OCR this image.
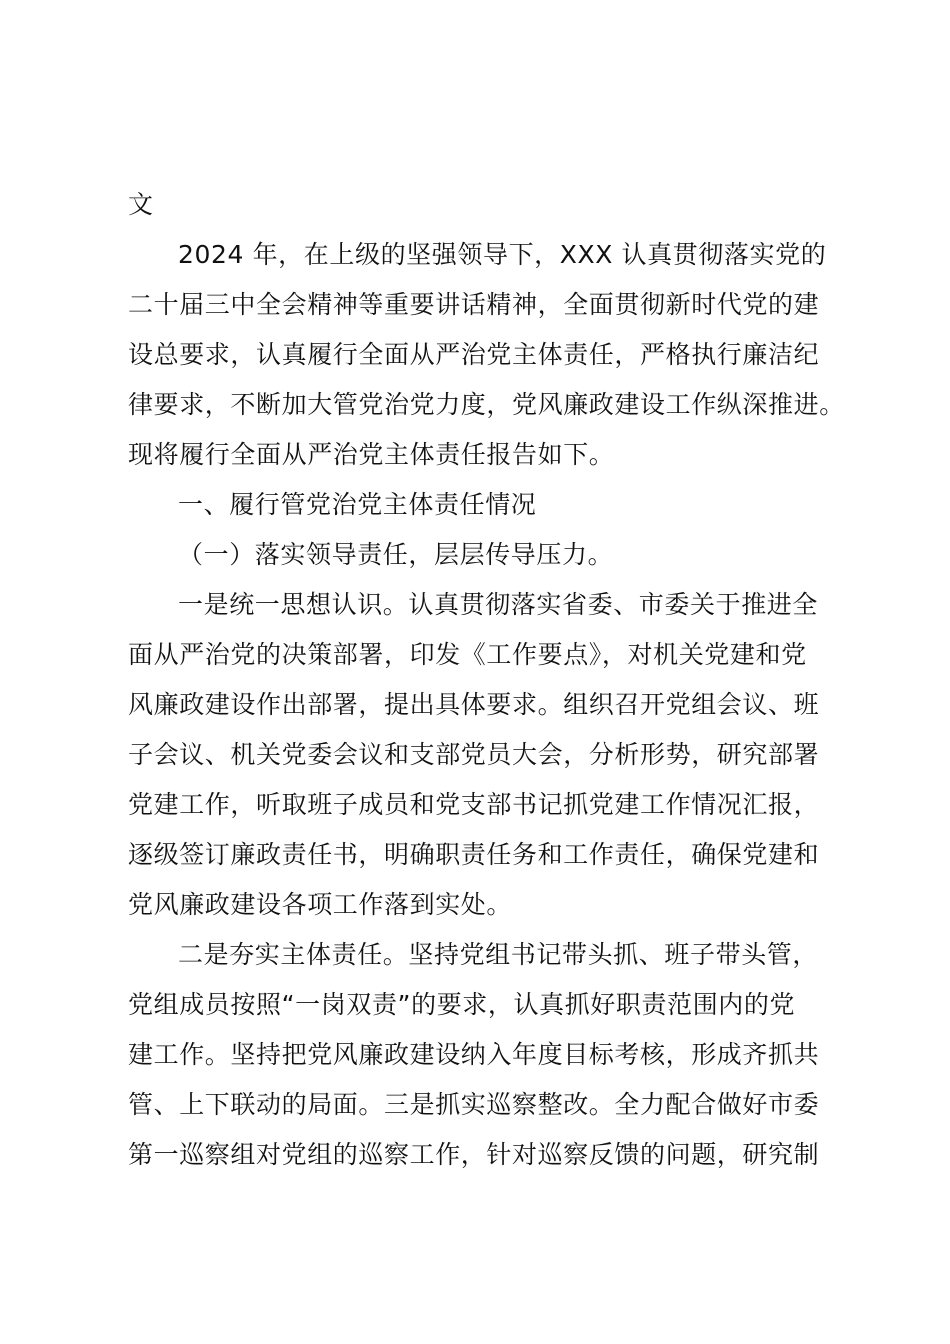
文
2024 年，在上级的坚强领导下，XXX 认真贯彻落实党的
二十届三中全会精神等重要讲话精神，全面贯彻新时代党的建
设总要求，认真履行全面从严治党主体责任，严格执行廉洁纪
律要求，不断加大管党治党力度，党风廉政建设工作纵深推进。
现将履行全面从严治党主体责任报告如下。
一、履行管党治党主体责任情况
（一）落实领导责任，层层传导压力。
一是统一思想认识。认真贯彻落实省委、市委关于推进全
面从严治党的决策部署，印发《工作要点》，对机关党建和党
风廉政建设作出部署，提出具体要求。组织召开党组会议、班
子会议、机关党委会议和支部党员大会，分析形势，研究部署
党建工作，听取班子成员和党支部书记抓党建工作情况汇报，
逐级签订廉政责任书，明确职责任务和工作责任，确保党建和
党风廉政建设各项工作落到实处。
二是夯实主体责任。坚持党组书记带头抓、班子带头管，
党组成员按照“一岗双责”的要求，认真抓好职责范围内的党
建工作。坚持把党风廉政建设纳入年度目标考核，形成齐抓共
管、上下联动的局面。三是抓实巡察整改。全力配合做好市委
第一巡察组对党组的巡察工作，针对巡察反馈的问题，研究制
